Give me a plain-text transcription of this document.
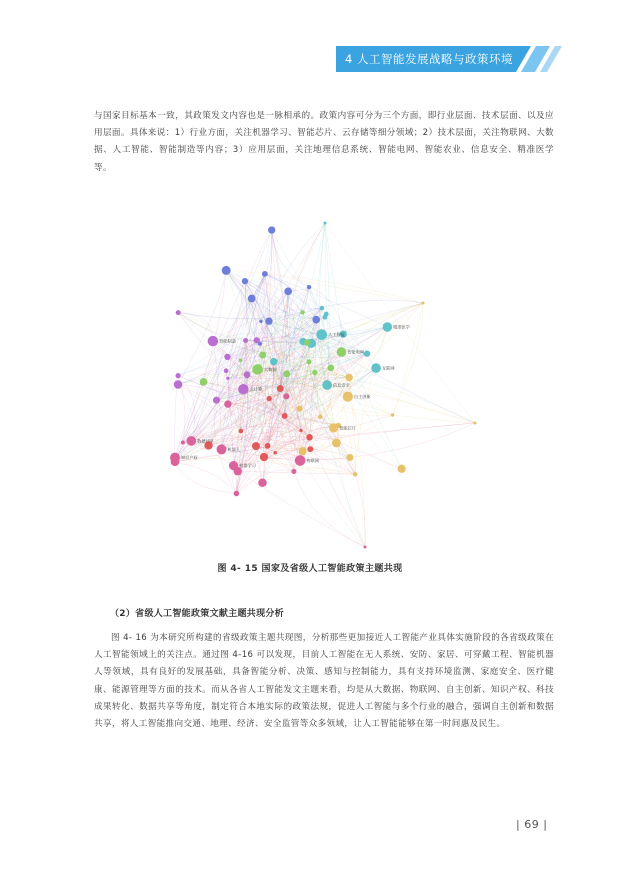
4 人工智能发展战略与政策环境

与国家目标基本一致，其政策发文内容也是一脉相承的。政策内容可分为三个方面，即行业层面、技术层面、以及应用层面。具体来说：1）行业方面，关注机器学习、智能芯片、云存储等细分领域；2）技术层面，关注物联网、大数据、人工智能、智能制造等内容；3）应用层面，关注地理信息系统、智能电网、智能农业、信息安全、精准医学等。

人工智能
大数据
物联网
智能制造
云计算
自主创新
知识产权
机器人
智能电网
信息安全
互联网
数据共享
精准医学
智能芯片
机器学习
图 4- 15 国家及省级人工智能政策主题共现
（2）省级人工智能政策文献主题共现分析

图 4- 16 为本研究所构建的省级政策主题共现图，分析那些更加接近人工智能产业具体实施阶段的各省级政策在人工智能领域上的关注点。通过图 4-16 可以发现，目前人工智能在无人系统、安防、家居、可穿戴工程、智能机器人等领域，具有良好的发展基础，具备智能分析、决策、感知与控制能力，具有支持环境监测、家庭安全、医疗健康、能源管理等方面的技术。而从各省人工智能发文主题来看，均是从大数据、物联网、自主创新、知识产权、科技成果转化、数据共享等角度，制定符合本地实际的政策法规，促进人工智能与多个行业的融合，强调自主创新和数据共享，将人工智能推向交通、地理、经济、安全监管等众多领域，让人工智能能够在第一时间惠及民生。

| 69 |
